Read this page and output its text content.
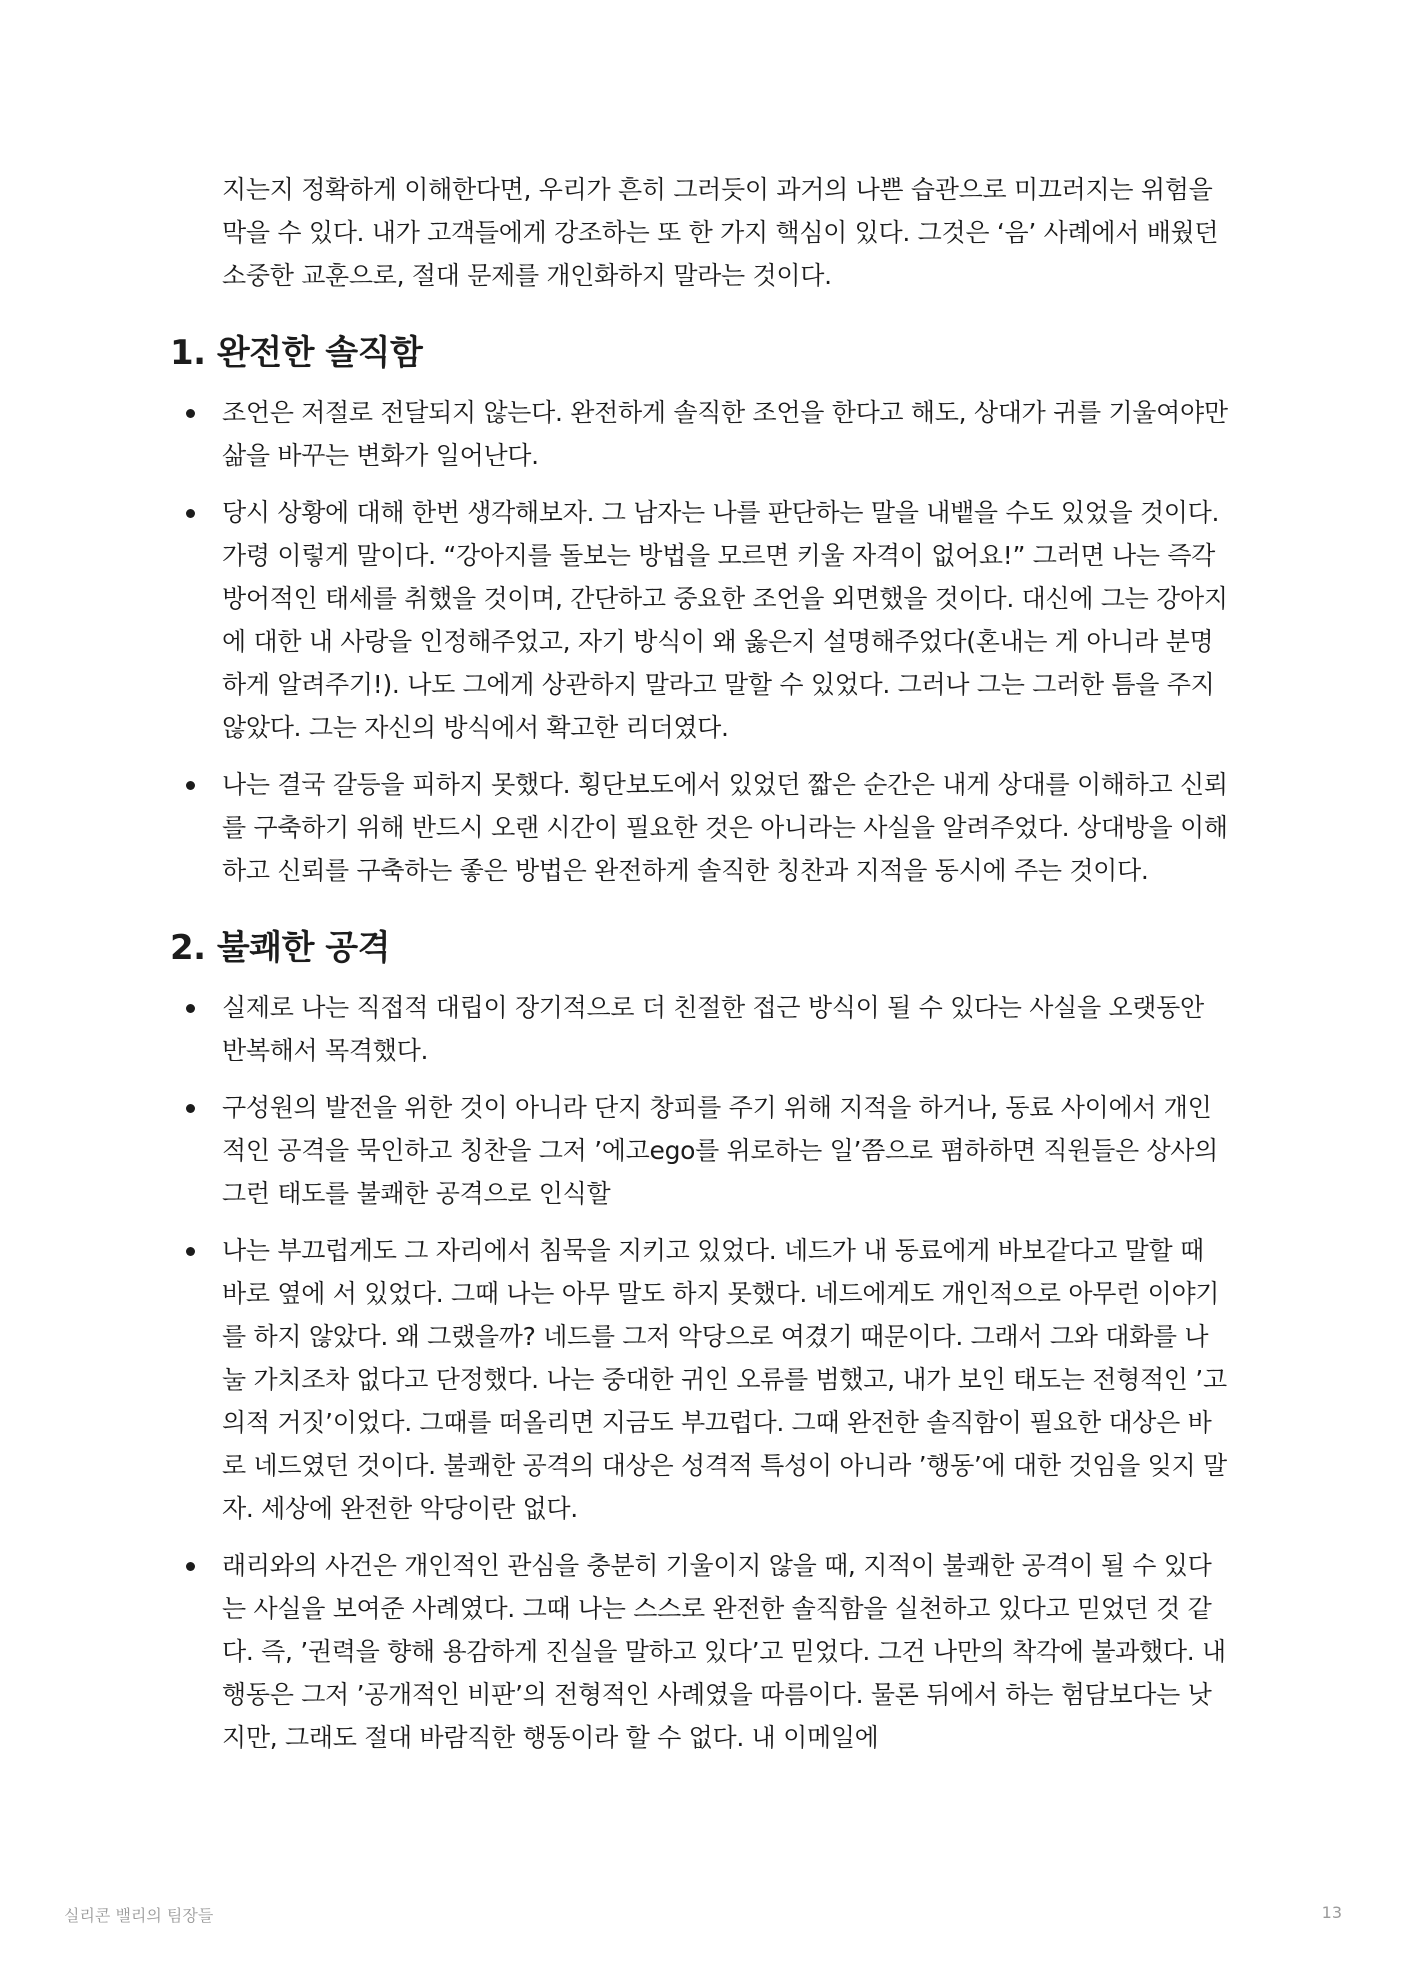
지는지 정확하게 이해한다면, 우리가 흔히 그러듯이 과거의 나쁜 습관으로 미끄러지는 위험을 막을 수 있다. 내가 고객들에게 강조하는 또 한 가지 핵심이 있다. 그것은 ‘음’ 사례에서 배웠던 소중한 교훈으로, 절대 문제를 개인화하지 말라는 것이다.

1. 완전한 솔직함
조언은 저절로 전달되지 않는다. 완전하게 솔직한 조언을 한다고 해도, 상대가 귀를 기울여야만 삶을 바꾸는 변화가 일어난다.
당시 상황에 대해 한번 생각해보자. 그 남자는 나를 판단하는 말을 내뱉을 수도 있었을 것이다. 가령 이렇게 말이다. “강아지를 돌보는 방법을 모르면 키울 자격이 없어요!” 그러면 나는 즉각 방어적인 태세를 취했을 것이며, 간단하고 중요한 조언을 외면했을 것이다. 대신에 그는 강아지에 대한 내 사랑을 인정해주었고, 자기 방식이 왜 옳은지 설명해주었다(혼내는 게 아니라 분명하게 알려주기!). 나도 그에게 상관하지 말라고 말할 수 있었다. 그러나 그는 그러한 틈을 주지 않았다. 그는 자신의 방식에서 확고한 리더였다.
나는 결국 갈등을 피하지 못했다. 횡단보도에서 있었던 짧은 순간은 내게 상대를 이해하고 신뢰를 구축하기 위해 반드시 오랜 시간이 필요한 것은 아니라는 사실을 알려주었다. 상대방을 이해하고 신뢰를 구축하는 좋은 방법은 완전하게 솔직한 칭찬과 지적을 동시에 주는 것이다.
2. 불쾌한 공격
실제로 나는 직접적 대립이 장기적으로 더 친절한 접근 방식이 될 수 있다는 사실을 오랫동안 반복해서 목격했다.
구성원의 발전을 위한 것이 아니라 단지 창피를 주기 위해 지적을 하거나, 동료 사이에서 개인적인 공격을 묵인하고 칭찬을 그저 ’에고ego를 위로하는 일’쯤으로 폄하하면 직원들은 상사의 그런 태도를 불쾌한 공격으로 인식할
나는 부끄럽게도 그 자리에서 침묵을 지키고 있었다. 네드가 내 동료에게 바보같다고 말할 때 바로 옆에 서 있었다. 그때 나는 아무 말도 하지 못했다. 네드에게도 개인적으로 아무런 이야기를 하지 않았다. 왜 그랬을까? 네드를 그저 악당으로 여겼기 때문이다. 그래서 그와 대화를 나눌 가치조차 없다고 단정했다. 나는 중대한 귀인 오류를 범했고, 내가 보인 태도는 전형적인 ’고의적 거짓’이었다. 그때를 떠올리면 지금도 부끄럽다. 그때 완전한 솔직함이 필요한 대상은 바로 네드였던 것이다. 불쾌한 공격의 대상은 성격적 특성이 아니라 ’행동’에 대한 것임을 잊지 말자. 세상에 완전한 악당이란 없다.
래리와의 사건은 개인적인 관심을 충분히 기울이지 않을 때, 지적이 불쾌한 공격이 될 수 있다는 사실을 보여준 사례였다. 그때 나는 스스로 완전한 솔직함을 실천하고 있다고 믿었던 것 같다. 즉, ’권력을 향해 용감하게 진실을 말하고 있다’고 믿었다. 그건 나만의 착각에 불과했다. 내 행동은 그저 ’공개적인 비판’의 전형적인 사례였을 따름이다. 물론 뒤에서 하는 험담보다는 낫지만, 그래도 절대 바람직한 행동이라 할 수 없다. 내 이메일에
실리콘 밸리의 팀장들	13
